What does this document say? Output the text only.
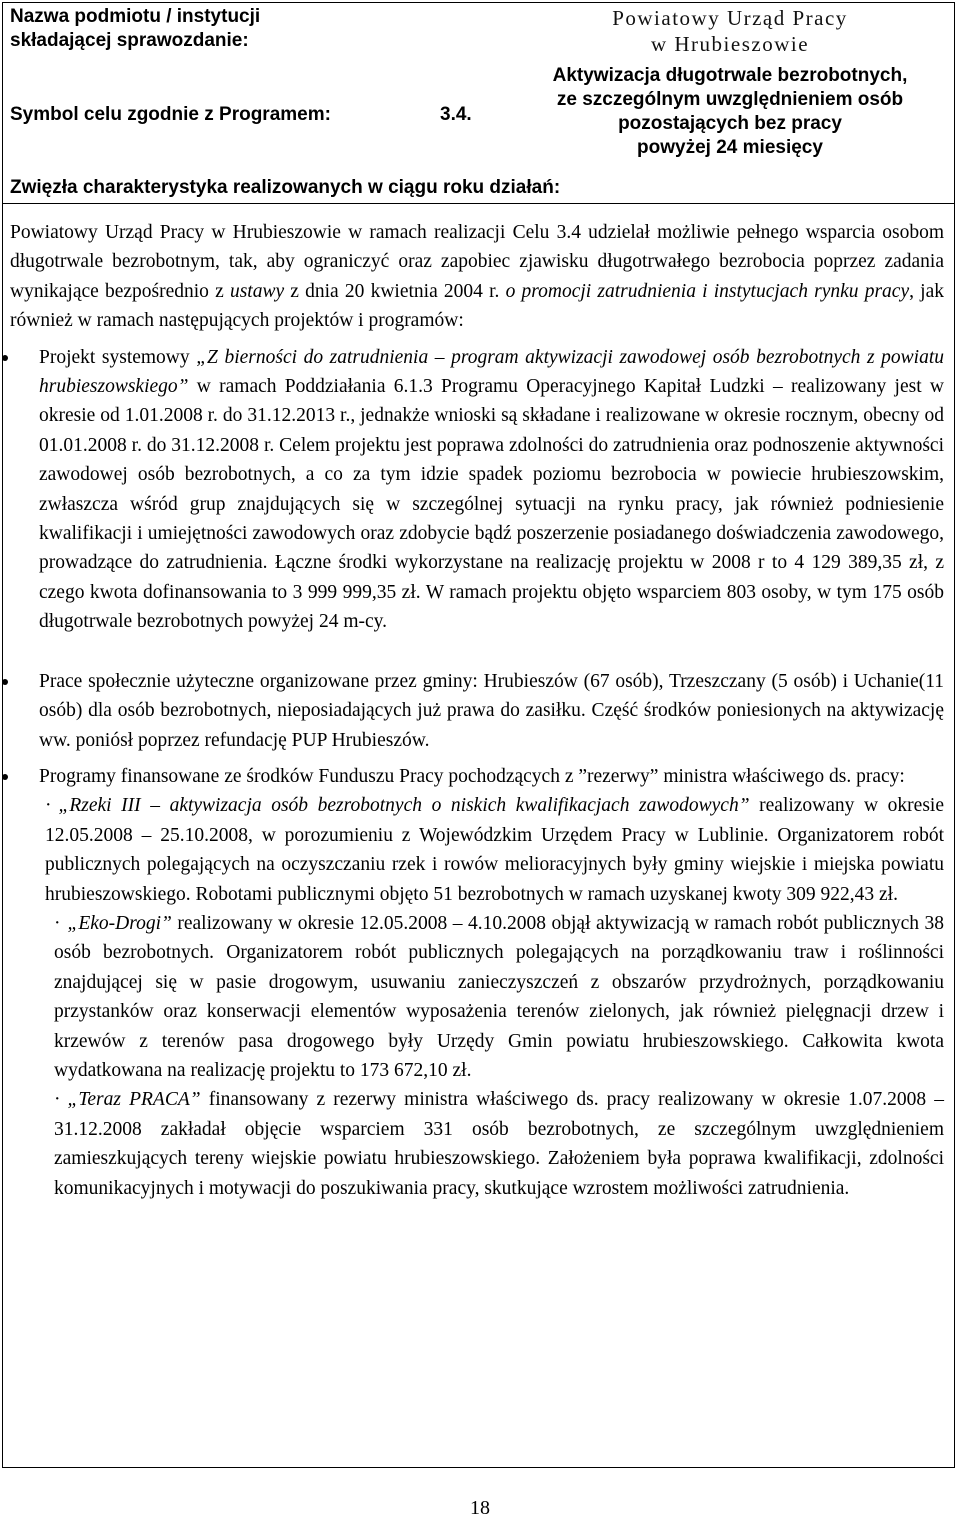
Nazwa podmiotu / instytucji
składającej sprawozdanie:
Powiatowy Urząd Pracy
w Hrubieszowie
Symbol celu zgodnie z Programem:	3.4.
Aktywizacja długotrwale bezrobotnych,
ze szczególnym uwzględnieniem osób
pozostających bez pracy
powyżej 24 miesięcy
Zwięzła charakterystyka realizowanych w ciągu roku działań:

Powiatowy Urząd Pracy w Hrubieszowie w ramach realizacji Celu 3.4 udzielał możliwie pełnego wsparcia osobom długotrwale bezrobotnym, tak, aby ograniczyć oraz zapobiec zjawisku długotrwałego bezrobocia poprzez zadania wynikające bezpośrednio z ustawy z dnia 20 kwietnia 2004 r. o promocji zatrudnienia i instytucjach rynku pracy, jak również w ramach następujących projektów i programów:

Projekt systemowy „Z bierności do zatrudnienia – program aktywizacji zawodowej osób bezrobotnych z powiatu hrubieszowskiego” w ramach Poddziałania 6.1.3 Programu Operacyjnego Kapitał Ludzki – realizowany jest w okresie od 1.01.2008 r. do 31.12.2013 r., jednakże wnioski są składane i realizowane w okresie rocznym, obecny od 01.01.2008 r. do 31.12.2008 r. Celem projektu jest poprawa zdolności do zatrudnienia oraz podnoszenie aktywności zawodowej osób bezrobotnych, a co za tym idzie spadek poziomu bezrobocia w powiecie hrubieszowskim, zwłaszcza wśród grup znajdujących się w szczególnej sytuacji na rynku pracy, jak również podniesienie kwalifikacji i umiejętności zawodowych oraz zdobycie bądź poszerzenie posiadanego doświadczenia zawodowego, prowadzące do zatrudnienia. Łączne środki wykorzystane na realizację projektu w 2008 r to 4 129 389,35 zł, z czego kwota dofinansowania to 3 999 999,35 zł. W ramach projektu objęto wsparciem 803 osoby, w tym 175 osób długotrwale bezrobotnych powyżej 24 m-cy.

Prace społecznie użyteczne organizowane przez gminy: Hrubieszów (67 osób), Trzeszczany (5 osób) i Uchanie(11 osób) dla osób bezrobotnych, nieposiadających już prawa do zasiłku. Część środków poniesionych na aktywizację ww. poniósł poprzez refundację PUP Hrubieszów.

Programy finansowane ze środków Funduszu Pracy pochodzących z ”rezerwy” ministra właściwego ds. pracy:

· „Rzeki III – aktywizacja osób bezrobotnych o niskich kwalifikacjach zawodowych” realizowany w okresie 12.05.2008 – 25.10.2008, w porozumieniu z Wojewódzkim Urzędem Pracy w Lublinie. Organizatorem robót publicznych polegających na oczyszczaniu rzek i rowów melioracyjnych były gminy wiejskie i miejska powiatu hrubieszowskiego. Robotami publicznymi objęto 51 bezrobotnych w ramach uzyskanej kwoty 309 922,43 zł.

· „Eko-Drogi” realizowany w okresie 12.05.2008 – 4.10.2008 objął aktywizacją w ramach robót publicznych 38 osób bezrobotnych. Organizatorem robót publicznych polegających na porządkowaniu traw i roślinności znajdującej się w pasie drogowym, usuwaniu zanieczyszczeń z obszarów przydrożnych, porządkowaniu przystanków oraz konserwacji elementów wyposażenia terenów zielonych, jak również pielęgnacji drzew i krzewów z terenów pasa drogowego były Urzędy Gmin powiatu hrubieszowskiego. Całkowita kwota wydatkowana na realizację projektu to 173 672,10 zł.

· „Teraz PRACA” finansowany z rezerwy ministra właściwego ds. pracy realizowany w okresie 1.07.2008 – 31.12.2008 zakładał objęcie wsparciem 331 osób bezrobotnych, ze szczególnym uwzględnieniem zamieszkujących tereny wiejskie powiatu hrubieszowskiego. Założeniem była poprawa kwalifikacji, zdolności komunikacyjnych i motywacji do poszukiwania pracy, skutkujące wzrostem możliwości zatrudnienia.

18
